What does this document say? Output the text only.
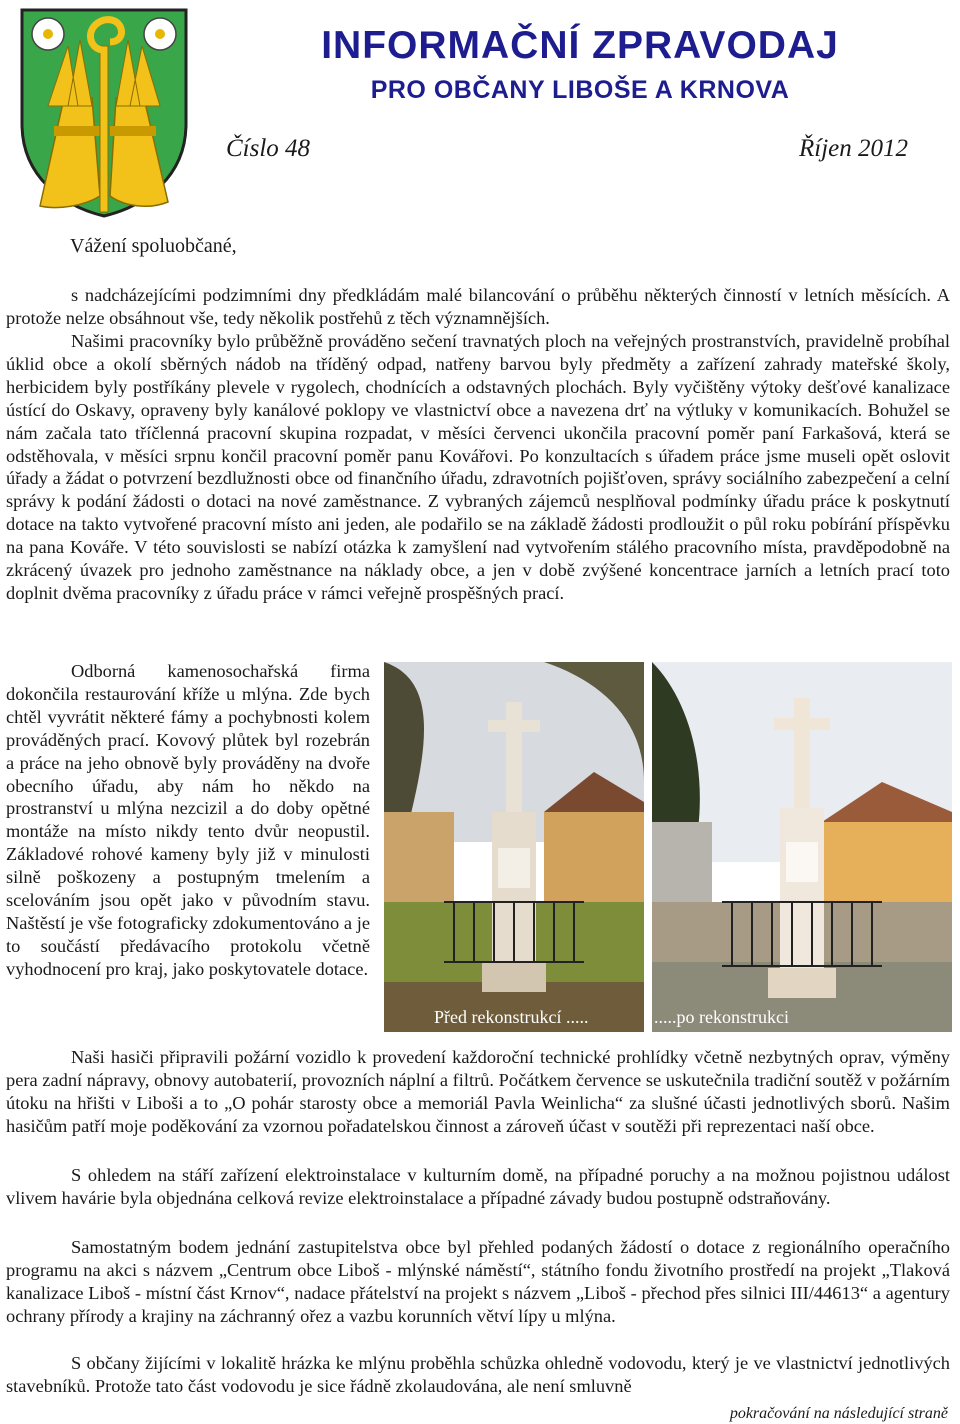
INFORMAČNÍ ZPRAVODAJ
PRO OBČANY LIBOŠE A KRNOVA
Číslo 48	Říjen 2012
Vážení spoluobčané,

s nadcházejícími podzimními dny předkládám malé bilancování o průběhu některých činností v letních měsících. A protože nelze obsáhnout vše, tedy několik postřehů z těch významnějších.

Našimi pracovníky bylo průběžně prováděno sečení travnatých ploch na veřejných prostranstvích, pravidelně probíhal úklid obce a okolí sběrných nádob na tříděný odpad, natřeny barvou byly předměty a zařízení zahrady mateřské školy, herbicidem byly postříkány plevele v rygolech, chodnících a odstavných plochách. Byly vyčištěny výtoky dešťové kanalizace ústící do Oskavy, opraveny byly kanálové poklopy ve vlastnictví obce a navezena drť na výtluky v komunikacích. Bohužel se nám začala tato tříčlenná pracovní skupina rozpadat, v měsíci červenci ukončila pracovní poměr paní Farkašová, která se odstěhovala, v měsíci srpnu končil pracovní poměr panu Kovářovi. Po konzultacích s úřadem práce jsme museli opět oslovit úřady a žádat o potvrzení bezdlužnosti obce od finančního úřadu, zdravotních pojišťoven, správy sociálního zabezpečení a celní správy k podání žádosti o dotaci na nové zaměstnance. Z vybraných zájemců nesplňoval podmínky úřadu práce k poskytnutí dotace na takto vytvořené pracovní místo ani jeden, ale podařilo se na základě žádosti prodloužit o půl roku pobírání příspěvku na pana Kováře. V této souvislosti se nabízí otázka k zamyšlení nad vytvořením stálého pracovního místa, pravděpodobně na zkrácený úvazek pro jednoho zaměstnance na náklady obce, a jen v době zvýšené koncentrace jarních a letních prací toto doplnit dvěma pracovníky z úřadu práce v rámci veřejně prospěšných prací.

Odborná kamenosochařská firma dokončila restaurování kříže u mlýna. Zde bych chtěl vyvrátit některé fámy a pochybnosti kolem prováděných prací. Kovový plůtek byl rozebrán a práce na jeho obnově byly prováděny na dvoře obecního úřadu, aby nám ho někdo na prostranství u mlýna nezcizil a do doby opětné montáže na místo nikdy tento dvůr neopustil. Základové rohové kameny byly již v minulosti silně poškozeny a postupným tmelením a scelováním jsou opět jako v původním stavu. Naštěstí je vše fotograficky zdokumentováno a je to součástí předávacího protokolu včetně vyhodnocení pro kraj, jako poskytovatele dotace.

Před rekonstrukcí .....	.....po rekonstrukci

Naši hasiči připravili požární vozidlo k provedení každoroční technické prohlídky včetně nezbytných oprav, výměny pera zadní nápravy, obnovy autobaterií, provozních náplní a filtrů. Počátkem července se uskutečnila tradiční soutěž v požárním útoku na hřišti v Liboši a to „O pohár starosty obce a memoriál Pavla Weinlicha“ za slušné účasti jednotlivých sborů. Našim hasičům patří moje poděkování za vzornou pořadatelskou činnost a zároveň účast v soutěži při reprezentaci naší obce.

S ohledem na stáří zařízení elektroinstalace v kulturním domě, na případné poruchy a na možnou pojistnou událost vlivem havárie byla objednána celková revize elektroinstalace a případné závady budou postupně odstraňovány.

Samostatným bodem jednání zastupitelstva obce byl přehled podaných žádostí o dotace z regionálního operačního programu na akci s názvem „Centrum obce Liboš - mlýnské náměstí“, státního fondu životního prostředí na projekt „Tlaková kanalizace Liboš - místní část Krnov“, nadace přátelství na projekt s názvem „Liboš - přechod přes silnici III/44613“ a agentury ochrany přírody a krajiny na záchranný ořez a vazbu korunních větví lípy u mlýna.

S občany žijícími v lokalitě hrázka ke mlýnu proběhla schůzka ohledně vodovodu, který je ve vlastnictví jednotlivých stavebníků. Protože tato část vodovodu je sice řádně zkolaudována, ale není smluvně

pokračování na následující straně
